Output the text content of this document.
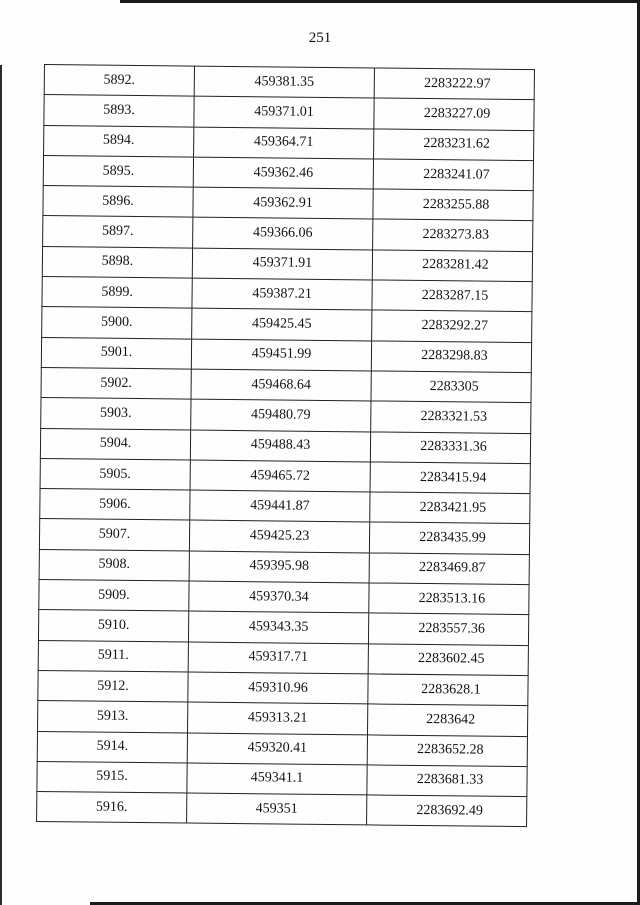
251
5892.	459381.35	2283222.97
5893.	459371.01	2283227.09
5894.	459364.71	2283231.62
5895.	459362.46	2283241.07
5896.	459362.91	2283255.88
5897.	459366.06	2283273.83
5898.	459371.91	2283281.42
5899.	459387.21	2283287.15
5900.	459425.45	2283292.27
5901.	459451.99	2283298.83
5902.	459468.64	2283305
5903.	459480.79	2283321.53
5904.	459488.43	2283331.36
5905.	459465.72	2283415.94
5906.	459441.87	2283421.95
5907.	459425.23	2283435.99
5908.	459395.98	2283469.87
5909.	459370.34	2283513.16
5910.	459343.35	2283557.36
5911.	459317.71	2283602.45
5912.	459310.96	2283628.1
5913.	459313.21	2283642
5914.	459320.41	2283652.28
5915.	459341.1	2283681.33
5916.	459351	2283692.49
